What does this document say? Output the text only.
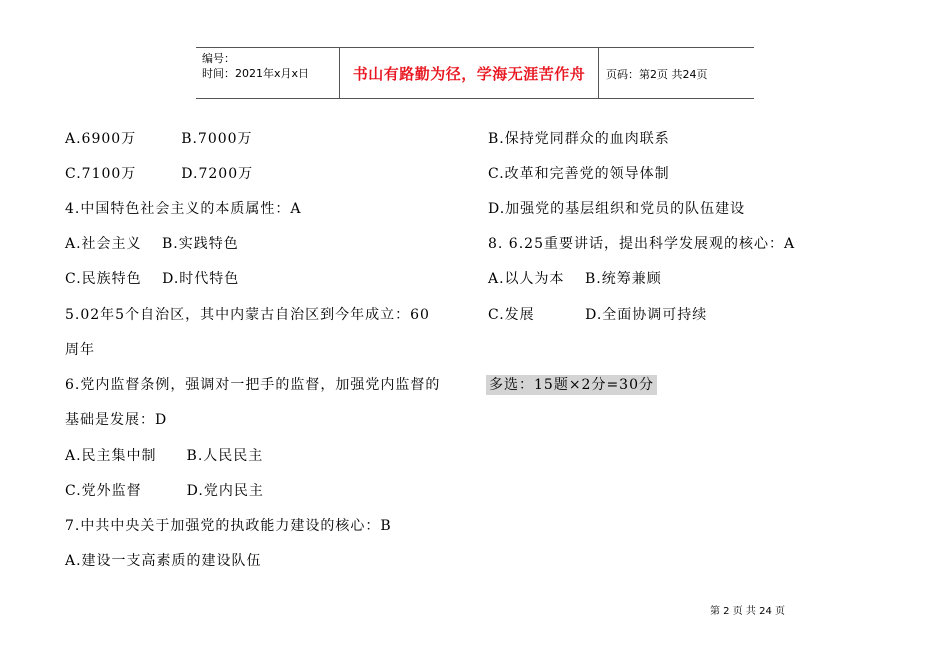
编号：
时间：2021年x月x日	书山有路勤为径，学海无涯苦作舟	页码：第2页 共24页
A.6900万　　　B.7000万
C.7100万　　　D.7200万
4.中国特色社会主义的本质属性：A
A.社会主义　 B.实践特色
C.民族特色　 D.时代特色
5.02年5个自治区，其中内蒙古自治区到今年成立：60
周年
6.党内监督条例，强调对一把手的监督，加强党内监督的
基础是发展：D
A.民主集中制　　B.人民民主
C.党外监督　　　D.党内民主
7.中共中央关于加强党的执政能力建设的核心：B
A.建设一支高素质的建设队伍
B.保持党同群众的血肉联系
C.改革和完善党的领导体制
D.加强党的基层组织和党员的队伍建设
8. 6.25重要讲话，提出科学发展观的核心：A
A.以人为本　 B.统筹兼顾
C.发展　　　 D.全面协调可持续
多选：15题×2分=30分
第 2 页 共 24 页
